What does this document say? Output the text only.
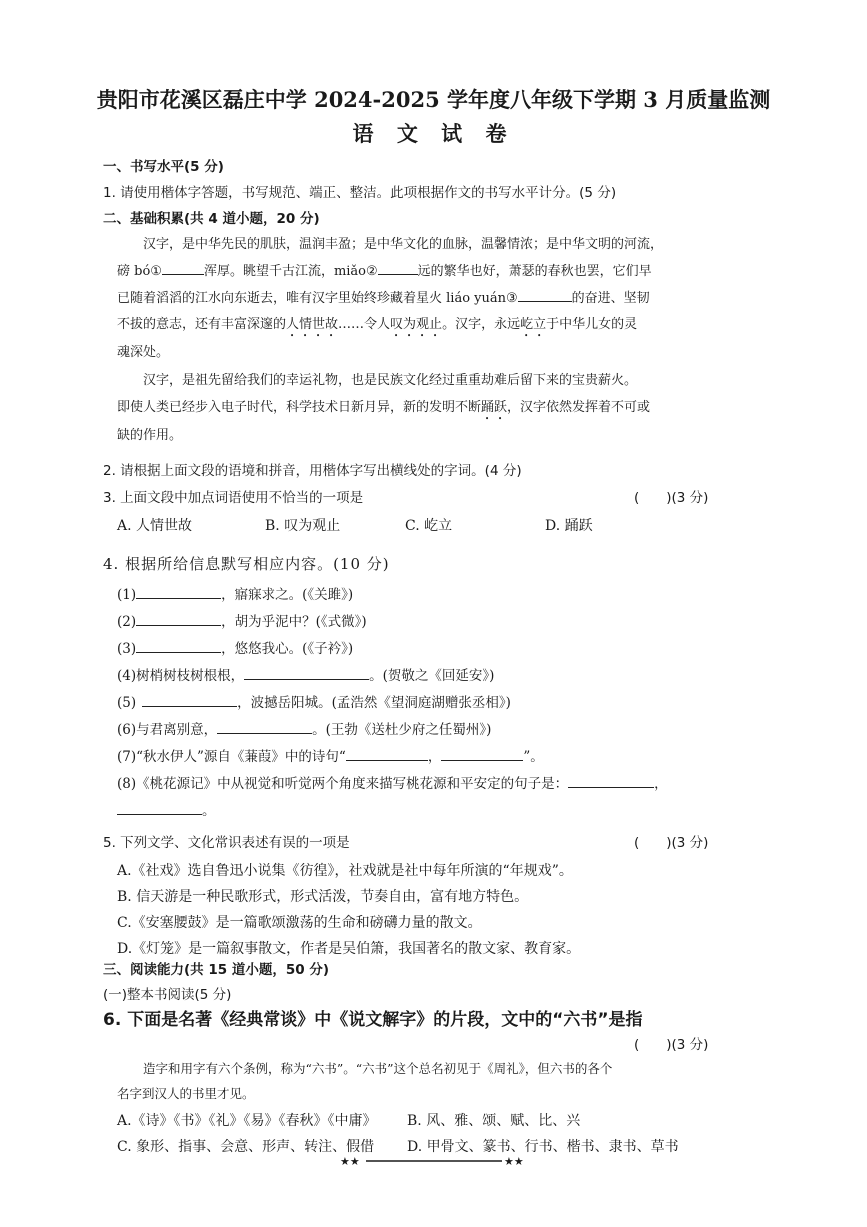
贵阳市花溪区磊庄中学 2024-2025 学年度八年级下学期 3 月质量监测
语 文 试 卷
一、书写水平(5 分)
1. 请使用楷体字答题，书写规范、端正、整洁。此项根据作文的书写水平计分。(5 分)
二、基础积累(共 4 道小题，20 分)
汉字，是中华先民的肌肤，温润丰盈；是中华文化的血脉，温馨情浓；是中华文明的河流，
磅 bó①	浑厚。眺望千古江流，miǎo②	远的繁华也好，萧瑟的春秋也罢，它们早
已随着滔滔的江水向东逝去，唯有汉字里始终珍藏着星火 liáo yuán③	的奋进、坚韧
不拔的意志，还有丰富深邃的人情世故……令人叹为观止。汉字，永远屹立于中华儿女的灵
魂深处。
汉字，是祖先留给我们的幸运礼物，也是民族文化经过重重劫难后留下来的宝贵薪火。
即使人类已经步入电子时代，科学技术日新月异，新的发明不断踊跃，汉字依然发挥着不可或
缺的作用。
2. 请根据上面文段的语境和拼音，用楷体字写出横线处的字词。(4 分)
3. 上面文段中加点词语使用不恰当的一项是	(　　)(3 分)
A. 人情世故	B. 叹为观止	C. 屹立	D. 踊跃
4. 根据所给信息默写相应内容。(10 分)
(1)	，寤寐求之。(《关雎》)
(2)	，胡为乎泥中？(《式微》)
(3)	，悠悠我心。(《子衿》)
(4)树梢树枝树根根，	。(贺敬之《回延安》)
(5)	，波撼岳阳城。(孟浩然《望洞庭湖赠张丞相》)
(6)与君离别意，	。(王勃《送杜少府之任蜀州》)
(7)“秋水伊人”源自《蒹葭》中的诗句“	，	”。
(8)《桃花源记》中从视觉和听觉两个角度来描写桃花源和平安定的句子是：	，
。
5. 下列文学、文化常识表述有误的一项是	(　　)(3 分)
A.《社戏》选自鲁迅小说集《彷徨》，社戏就是社中每年所演的“年规戏”。
B. 信天游是一种民歌形式，形式活泼，节奏自由，富有地方特色。
C.《安塞腰鼓》是一篇歌颂激荡的生命和磅礴力量的散文。
D.《灯笼》是一篇叙事散文，作者是吴伯箫，我国著名的散文家、教育家。
三、阅读能力(共 15 道小题，50 分)
(一)整本书阅读(5 分)
6. 下面是名著《经典常谈》中《说文解字》的片段，文中的“六书”是指
(　　)(3 分)
造字和用字有六个条例，称为“六书”。“六书”这个总名初见于《周礼》，但六书的各个
名字到汉人的书里才见。
A.《诗》《书》《礼》《易》《春秋》《中庸》 B. 风、雅、颂、赋、比、兴
C. 象形、指事、会意、形声、转注、假借 D. 甲骨文、篆书、行书、楷书、隶书、草书
★★	★★
